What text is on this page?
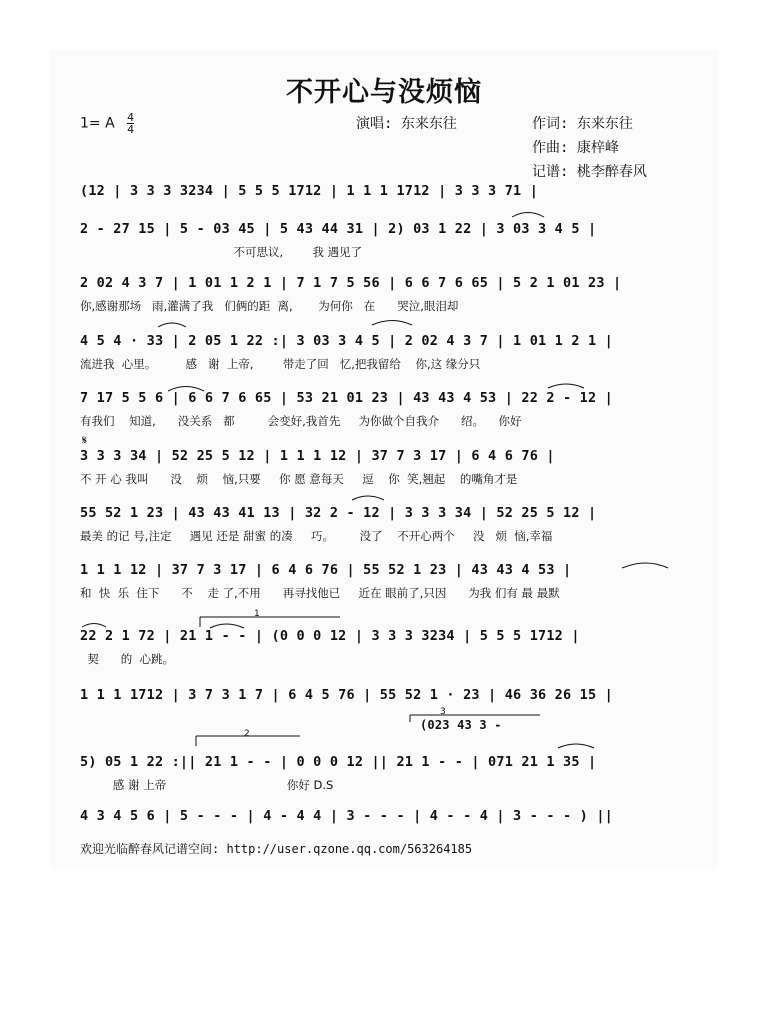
不开心与没烦恼
1= A $\frac{4}{4}$	演唱: 东来东往	作词: 东来东往
作曲: 康梓峰
记谱: 桃李醉春风
(12 | 3 3 3 3234 | 5 5 5 1712 | 1 1 1 1712 | 3 3 3 71 |
2 - 27 15 | 5 - 03 45 | 5 43 44 31 | 2) 03 1 22 | 3 03 3 4 5 |
不可思议,        我 遇见了
2 02 4 3 7 | 1 01 1 2 1 | 7 1 7 5 56 | 6 6 7 6 65 | 5 2 1 01 23 |
你,感谢那场   雨,灌满了我   们俩的距  离,       为何你   在      哭泣,眼泪却
4 5 4 · 33 | 2 05 1 22 :| 3 03 3 4 5 | 2 02 4 3 7 | 1 01 1 2 1 |
流进我  心里。        感   谢  上帝,        带走了回   忆,把我留给    你,这 缘分只
7 17 5 5 6 | 6 6 7 6 65 | 53 21 01 23 | 43 43 4 53 | 22 2 - 12 |
有我们    知道,      没关系   都         会变好,我首先     为你做个自我介      绍。    你好
3 3 3 34 | 52 25 5 12 | 1 1 1 12 | 37 7 3 17 | 6 4 6 76 |
不 开 心 我叫      没    烦    恼,只要     你 愿 意每天     逗    你  笑,翘起    的嘴角才是
55 52 1 23 | 43 43 41 13 | 32 2 - 12 | 3 3 3 34 | 52 25 5 12 |
最美 的记 号,注定     遇见 还是 甜蜜 的凑     巧。       没了    不开心两个     没   烦  恼,幸福
1 1 1 12 | 37 7 3 17 | 6 4 6 76 | 55 52 1 23 | 43 43 4 53 |
和  快  乐  住下      不    走 了,不用      再寻找他已     近在 眼前了,只因      为我 们有 最 最默
22 2 1 72 | 21 1 - - | (0 0 0 12 | 3 3 3 3234 | 5 5 5 1712 |
契      的  心跳。
1 1 1 1712 | 3 7 3 1 7 | 6 4 5 76 | 55 52 1 · 23 | 46 36 26 15 |
5) 05 1 22 :|| 21 1 - - | 0 0 0 12 || 21 1 - - | 071 21 1 35 |
感 谢 上帝                                 你好 D.S
4 3 4 5 6 | 5 - - - | 4 - 4 4 | 3 - - - | 4 - - 4 | 3 - - - ) ||
𝄋
(023 43 3 -
1
2
3
欢迎光临醉春风记谱空间: http://user.qzone.qq.com/563264185
